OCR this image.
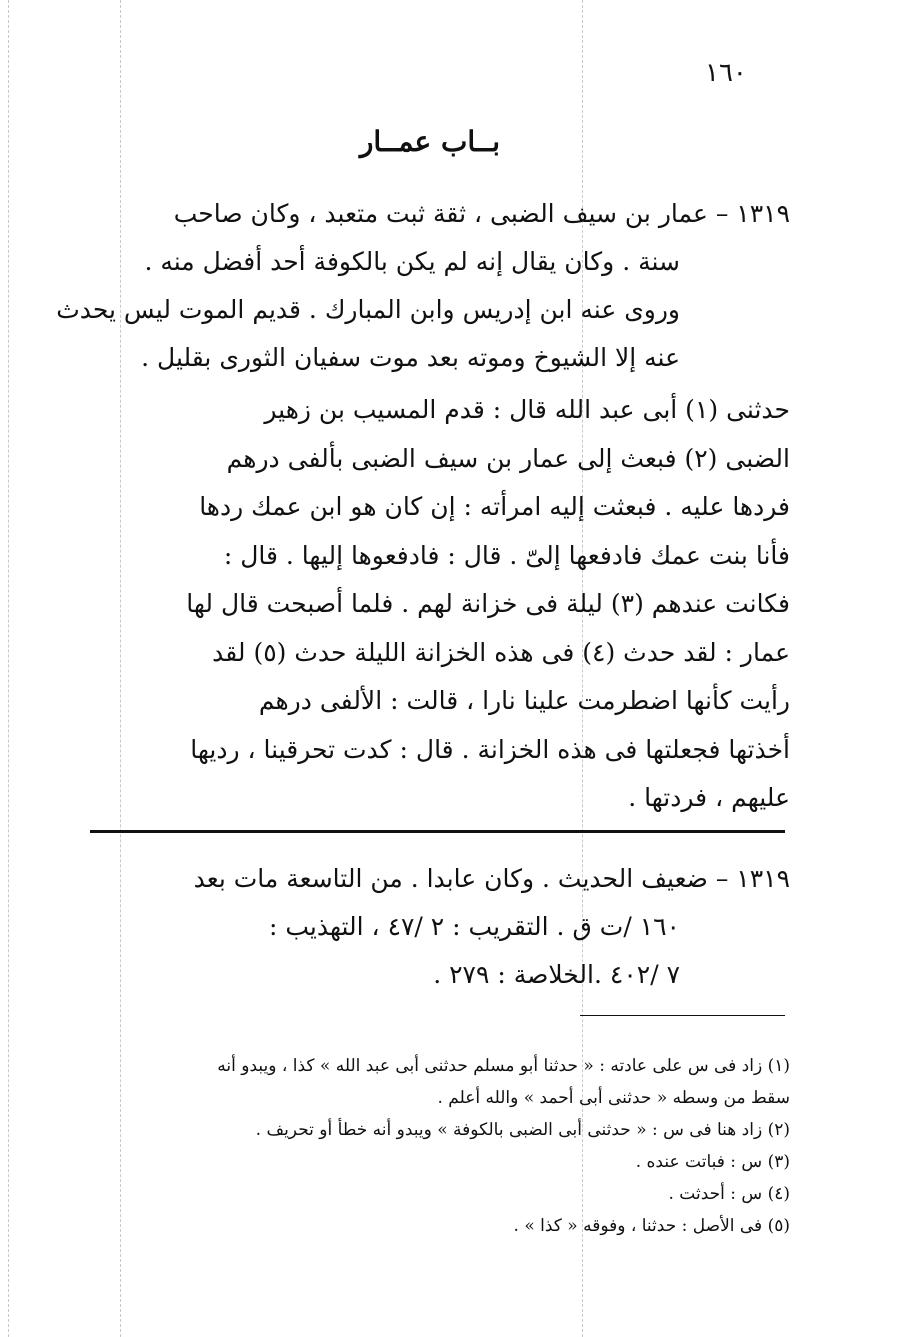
١٦٠
بــاب عمــار
١٣١٩ – عمار بن سيف الضبى ، ثقة ثبت متعبد ، وكان صاحب
سنة . وكان يقال إنه لم يكن بالكوفة أحد أفضل منه .
وروى عنه ابن إدريس وابن المبارك . قديم الموت ليس يحدث
عنه إلا الشيوخ وموته بعد موت سفيان الثورى بقليل .
حدثنى (١) أبى عبد الله قال : قدم المسيب بن زهير
الضبى (٢) فبعث إلى عمار بن سيف الضبى بألفى درهم
فردها عليه . فبعثت إليه امرأته : إن كان هو ابن عمك ردها
فأنا بنت عمك فادفعها إلىّ . قال : فادفعوها إليها . قال :
فكانت عندهم (٣) ليلة فى خزانة لهم . فلما أصبحت قال لها
عمار : لقد حدث (٤) فى هذه الخزانة الليلة حدث (٥) لقد
رأيت كأنها اضطرمت علينا نارا ، قالت : الألفى درهم
أخذتها فجعلتها فى هذه الخزانة . قال : كدت تحرقينا ، رديها
عليهم ، فردتها .
١٣١٩ – ضعيف الحديث . وكان عابدا . من التاسعة مات بعد
١٦٠ /ت ق . التقريب : ٢ /٤٧ ، التهذيب :
٧ /٤٠٢ .الخلاصة : ٢٧٩ .
(١) زاد فى س على عادته : « حدثنا أبو مسلم حدثنى أبى عبد الله » كذا ، ويبدو أنه
سقط من وسطه « حدثنى أبى أحمد » والله أعلم .
(٢) زاد هنا فى س : « حدثنى أبى الضبى بالكوفة » ويبدو أنه خطأ أو تحريف .
(٣) س : فباتت عنده .
(٤) س : أحدثت .
(٥) فى الأصل : حدثنا ، وفوقه « كذا » .
